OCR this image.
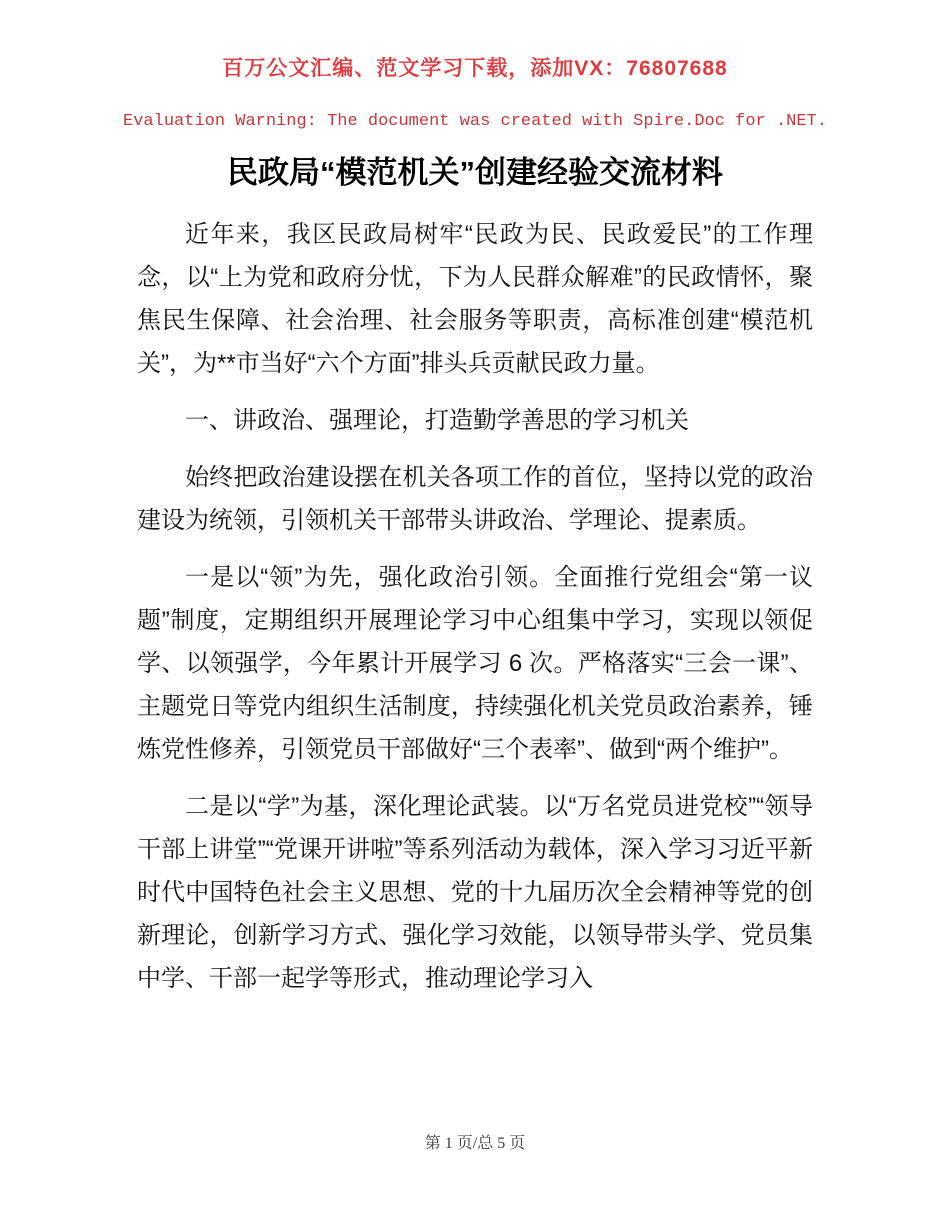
百万公文汇编、范文学习下载，添加VX：76807688

Evaluation Warning: The document was created with Spire.Doc for .NET.

民政局“模范机关”创建经验交流材料

近年来，我区民政局树牢“民政为民、民政爱民”的工作理念，以“上为党和政府分忧，下为人民群众解难”的民政情怀，聚焦民生保障、社会治理、社会服务等职责，高标准创建“模范机关”，为**市当好“六个方面”排头兵贡献民政力量。

一、讲政治、强理论，打造勤学善思的学习机关

始终把政治建设摆在机关各项工作的首位，坚持以党的政治建设为统领，引领机关干部带头讲政治、学理论、提素质。

一是以“领”为先，强化政治引领。全面推行党组会“第一议题”制度，定期组织开展理论学习中心组集中学习，实现以领促学、以领强学，今年累计开展学习 6 次。严格落实“三会一课”、主题党日等党内组织生活制度，持续强化机关党员政治素养，锤炼党性修养，引领党员干部做好“三个表率”、做到“两个维护”。

二是以“学”为基，深化理论武装。以“万名党员进党校”“领导干部上讲堂”“党课开讲啦”等系列活动为载体，深入学习习近平新时代中国特色社会主义思想、党的十九届历次全会精神等党的创新理论，创新学习方式、强化学习效能，以领导带头学、党员集中学、干部一起学等形式，推动理论学习入

第 1 页/总 5 页
